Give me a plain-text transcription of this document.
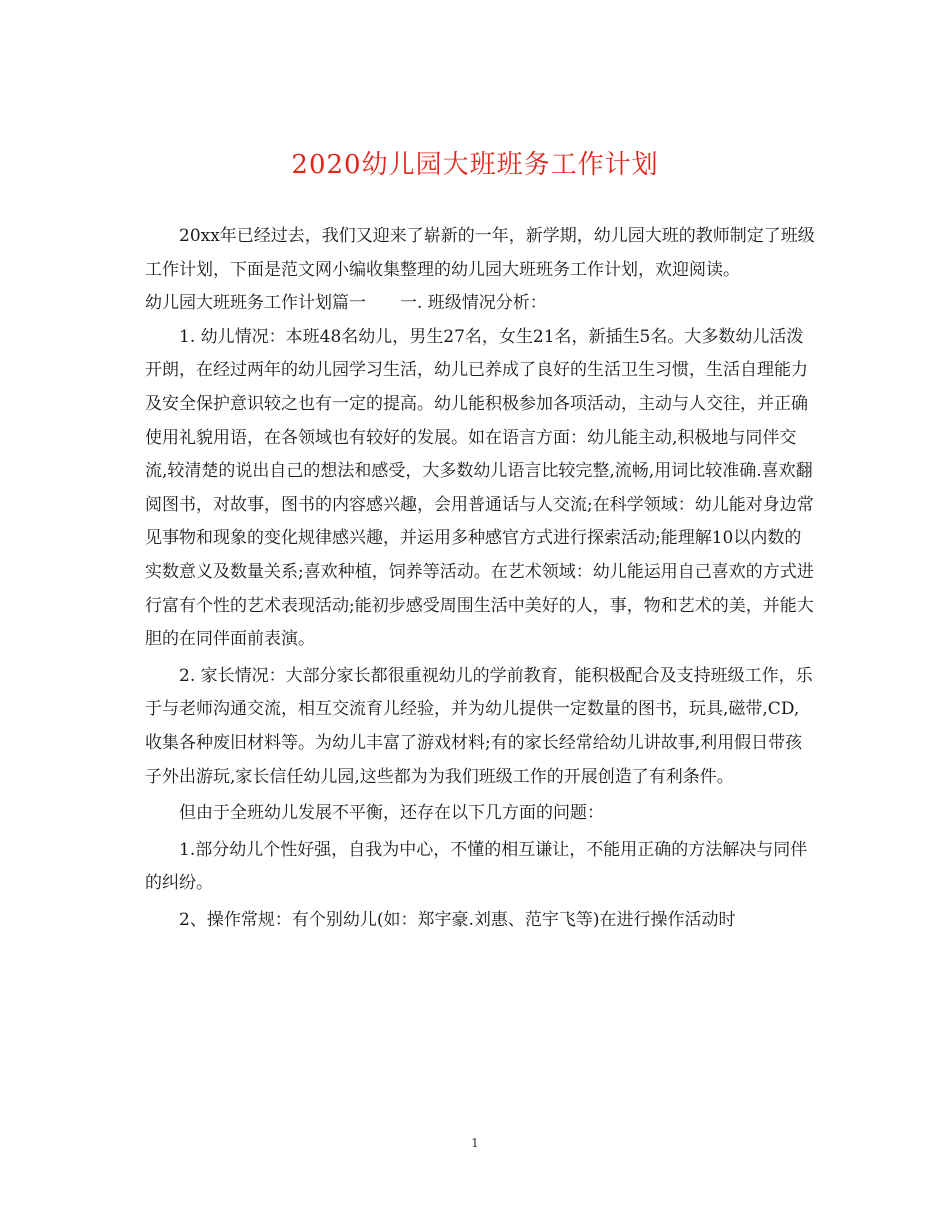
2020幼儿园大班班务工作计划

20xx年已经过去，我们又迎来了崭新的一年，新学期，幼儿园大班的教师制定了班级工作计划，下面是范文网小编收集整理的幼儿园大班班务工作计划，欢迎阅读。

幼儿园大班班务工作计划篇一　　一. 班级情况分析：

1. 幼儿情况：本班48名幼儿，男生27名，女生21名，新插生5名。大多数幼儿活泼开朗，在经过两年的幼儿园学习生活，幼儿已养成了良好的生活卫生习惯，生活自理能力及安全保护意识较之也有一定的提高。幼儿能积极参加各项活动，主动与人交往，并正确使用礼貌用语，在各领域也有较好的发展。如在语言方面：幼儿能主动,积极地与同伴交流,较清楚的说出自己的想法和感受，大多数幼儿语言比较完整,流畅,用词比较准确.喜欢翻阅图书，对故事，图书的内容感兴趣，会用普通话与人交流;在科学领域：幼儿能对身边常见事物和现象的变化规律感兴趣，并运用多种感官方式进行探索活动;能理解10以内数的实数意义及数量关系;喜欢种植，饲养等活动。在艺术领域：幼儿能运用自己喜欢的方式进行富有个性的艺术表现活动;能初步感受周围生活中美好的人，事，物和艺术的美，并能大胆的在同伴面前表演。

2. 家长情况：大部分家长都很重视幼儿的学前教育，能积极配合及支持班级工作，乐于与老师沟通交流，相互交流育儿经验，并为幼儿提供一定数量的图书，玩具,磁带,CD,收集各种废旧材料等。为幼儿丰富了游戏材料;有的家长经常给幼儿讲故事,利用假日带孩子外出游玩,家长信任幼儿园,这些都为为我们班级工作的开展创造了有利条件。

但由于全班幼儿发展不平衡，还存在以下几方面的问题：

1.部分幼儿个性好强，自我为中心，不懂的相互谦让，不能用正确的方法解决与同伴的纠纷。

2、操作常规：有个别幼儿(如：郑宇豪.刘惠、范宇飞等)在进行操作活动时

1
